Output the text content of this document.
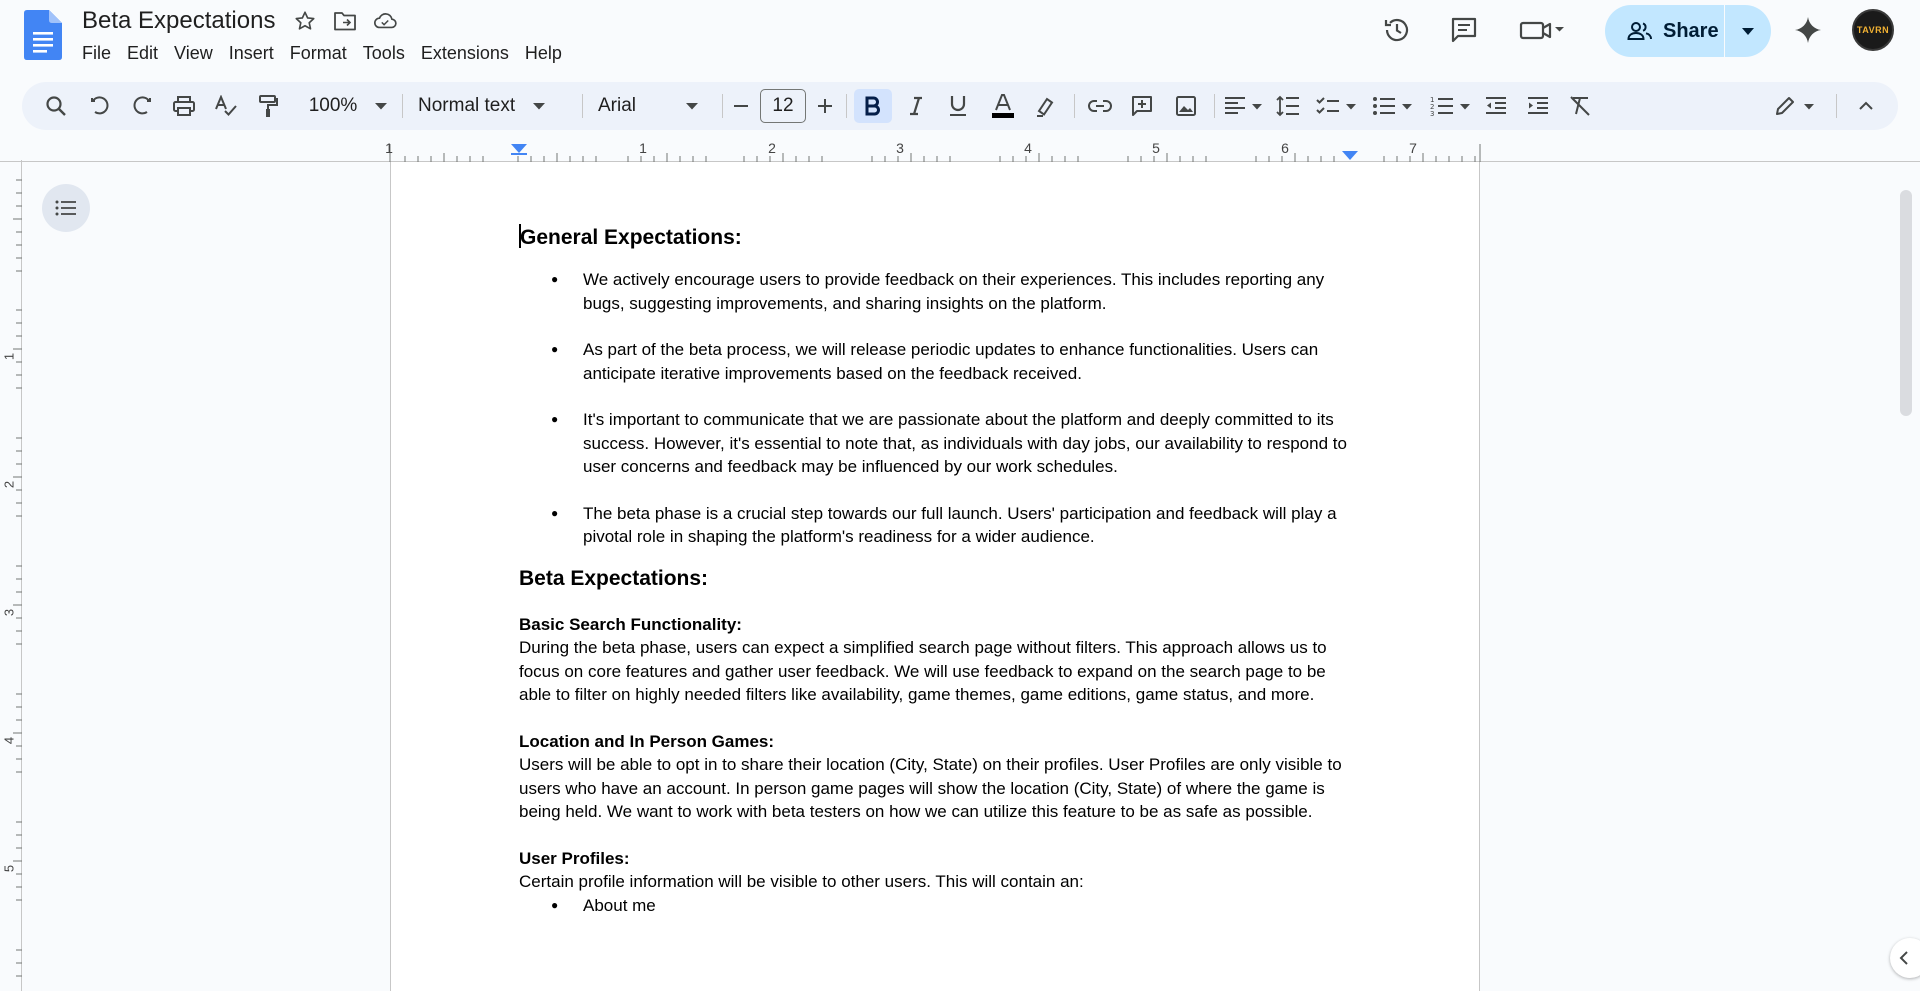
Beta Expectations
File Edit View Insert Format Tools Extensions Help
Share	TAVRN
100%	Normal text	Arial	12	1
2
3
1	1	2	3	4	5	6	7
1
2
3
4
5
General Expectations:
● We actively encourage users to provide feedback on their experiences. This includes reporting any bugs, suggesting improvements, and sharing insights on the platform.
● As part of the beta process, we will release periodic updates to enhance functionalities. Users can anticipate iterative improvements based on the feedback received.
● It's important to communicate that we are passionate about the platform and deeply committed to its success. However, it's essential to note that, as individuals with day jobs, our availability to respond to user concerns and feedback may be influenced by our work schedules.
● The beta phase is a crucial step towards our full launch. Users' participation and feedback will play a pivotal role in shaping the platform's readiness for a wider audience.
Beta Expectations:
Basic Search Functionality:
During the beta phase, users can expect a simplified search page without filters. This approach allows us to focus on core features and gather user feedback. We will use feedback to expand on the search page to be able to filter on highly needed filters like availability, game themes, game editions, game status, and more.
Location and In Person Games:
Users will be able to opt in to share their location (City, State) on their profiles. User Profiles are only visible to users who have an account. In person game pages will show the location (City, State) of where the game is being held. We want to work with beta testers on how we can utilize this feature to be as safe as possible.
User Profiles:
Certain profile information will be visible to other users. This will contain an:
● About me
